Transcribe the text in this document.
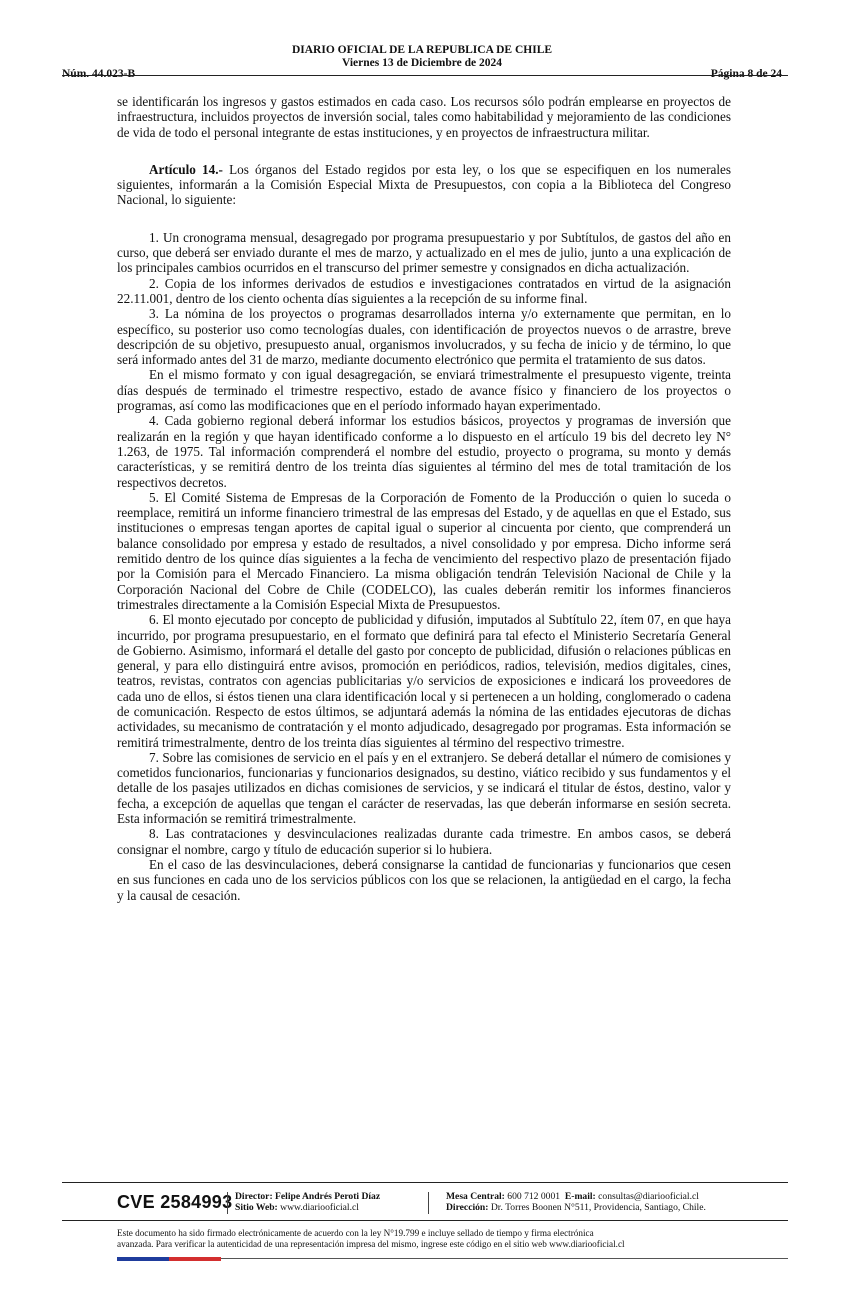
Núm. 44.023-B
DIARIO OFICIAL DE LA REPUBLICA DE CHILE
Viernes 13 de Diciembre de 2024
Página 8 de 24

se identificarán los ingresos y gastos estimados en cada caso. Los recursos sólo podrán emplearse en proyectos de infraestructura, incluidos proyectos de inversión social, tales como habitabilidad y mejoramiento de las condiciones de vida de todo el personal integrante de estas instituciones, y en proyectos de infraestructura militar.

Artículo 14.- Los órganos del Estado regidos por esta ley, o los que se especifiquen en los numerales siguientes, informarán a la Comisión Especial Mixta de Presupuestos, con copia a la Biblioteca del Congreso Nacional, lo siguiente:

1. Un cronograma mensual, desagregado por programa presupuestario y por Subtítulos, de gastos del año en curso, que deberá ser enviado durante el mes de marzo, y actualizado en el mes de julio, junto a una explicación de los principales cambios ocurridos en el transcurso del primer semestre y consignados en dicha actualización.

2. Copia de los informes derivados de estudios e investigaciones contratados en virtud de la asignación 22.11.001, dentro de los ciento ochenta días siguientes a la recepción de su informe final.

3. La nómina de los proyectos o programas desarrollados interna y/o externamente que permitan, en lo específico, su posterior uso como tecnologías duales, con identificación de proyectos nuevos o de arrastre, breve descripción de su objetivo, presupuesto anual, organismos involucrados, y su fecha de inicio y de término, lo que será informado antes del 31 de marzo, mediante documento electrónico que permita el tratamiento de sus datos.

En el mismo formato y con igual desagregación, se enviará trimestralmente el presupuesto vigente, treinta días después de terminado el trimestre respectivo, estado de avance físico y financiero de los proyectos o programas, así como las modificaciones que en el período informado hayan experimentado.

4. Cada gobierno regional deberá informar los estudios básicos, proyectos y programas de inversión que realizarán en la región y que hayan identificado conforme a lo dispuesto en el artículo 19 bis del decreto ley N° 1.263, de 1975. Tal información comprenderá el nombre del estudio, proyecto o programa, su monto y demás características, y se remitirá dentro de los treinta días siguientes al término del mes de total tramitación de los respectivos decretos.

5. El Comité Sistema de Empresas de la Corporación de Fomento de la Producción o quien lo suceda o reemplace, remitirá un informe financiero trimestral de las empresas del Estado, y de aquellas en que el Estado, sus instituciones o empresas tengan aportes de capital igual o superior al cincuenta por ciento, que comprenderá un balance consolidado por empresa y estado de resultados, a nivel consolidado y por empresa. Dicho informe será remitido dentro de los quince días siguientes a la fecha de vencimiento del respectivo plazo de presentación fijado por la Comisión para el Mercado Financiero. La misma obligación tendrán Televisión Nacional de Chile y la Corporación Nacional del Cobre de Chile (CODELCO), las cuales deberán remitir los informes financieros trimestrales directamente a la Comisión Especial Mixta de Presupuestos.

6. El monto ejecutado por concepto de publicidad y difusión, imputados al Subtítulo 22, ítem 07, en que haya incurrido, por programa presupuestario, en el formato que definirá para tal efecto el Ministerio Secretaría General de Gobierno. Asimismo, informará el detalle del gasto por concepto de publicidad, difusión o relaciones públicas en general, y para ello distinguirá entre avisos, promoción en periódicos, radios, televisión, medios digitales, cines, teatros, revistas, contratos con agencias publicitarias y/o servicios de exposiciones e indicará los proveedores de cada uno de ellos, si éstos tienen una clara identificación local y si pertenecen a un holding, conglomerado o cadena de comunicación. Respecto de estos últimos, se adjuntará además la nómina de las entidades ejecutoras de dichas actividades, su mecanismo de contratación y el monto adjudicado, desagregado por programas. Esta información se remitirá trimestralmente, dentro de los treinta días siguientes al término del respectivo trimestre.

7. Sobre las comisiones de servicio en el país y en el extranjero. Se deberá detallar el número de comisiones y cometidos funcionarios, funcionarias y funcionarios designados, su destino, viático recibido y sus fundamentos y el detalle de los pasajes utilizados en dichas comisiones de servicios, y se indicará el titular de éstos, destino, valor y fecha, a excepción de aquellas que tengan el carácter de reservadas, las que deberán informarse en sesión secreta. Esta información se remitirá trimestralmente.

8. Las contrataciones y desvinculaciones realizadas durante cada trimestre. En ambos casos, se deberá consignar el nombre, cargo y título de educación superior si lo hubiera.

En el caso de las desvinculaciones, deberá consignarse la cantidad de funcionarias y funcionarios que cesen en sus funciones en cada uno de los servicios públicos con los que se relacionen, la antigüedad en el cargo, la fecha y la causal de cesación.

CVE 2584993 Director: Felipe Andrés Peroti Díaz
Sitio Web: www.diariooficial.cl
Mesa Central: 600 712 0001 E-mail: consultas@diariooficial.cl
Dirección: Dr. Torres Boonen N°511, Providencia, Santiago, Chile.
Este documento ha sido firmado electrónicamente de acuerdo con la ley N°19.799 e incluye sellado de tiempo y firma electrónica
avanzada. Para verificar la autenticidad de una representación impresa del mismo, ingrese este código en el sitio web www.diariooficial.cl
